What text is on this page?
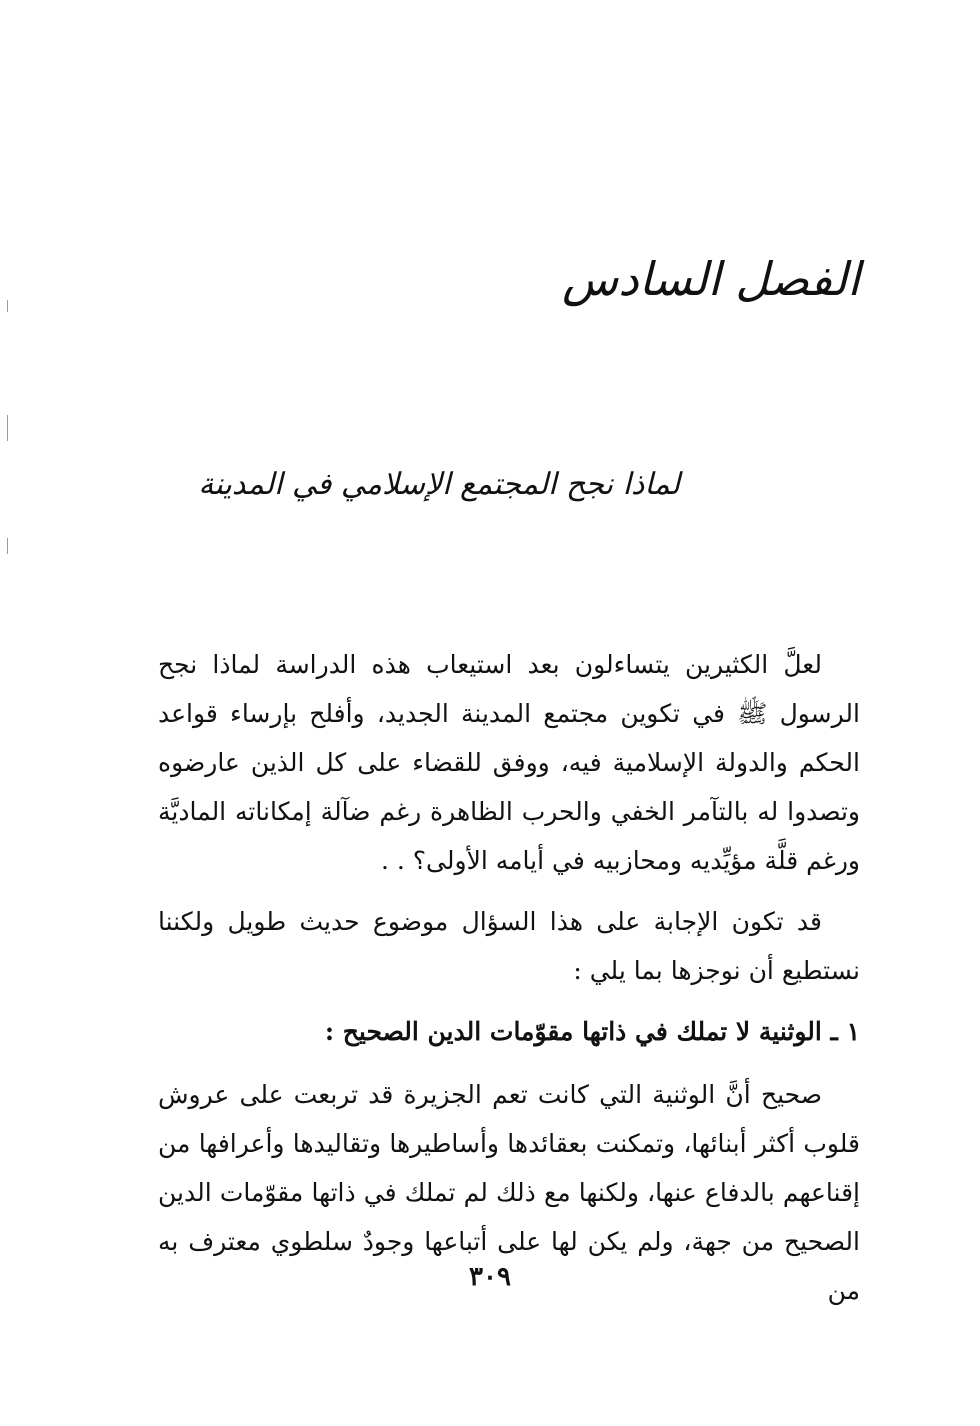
الفصل السادس
لماذا نجح المجتمع الإسلامي في المدينة

لعلَّ الكثيرين يتساءلون بعد استيعاب هذه الدراسة لماذا نجح الرسول ﷺ في تكوين مجتمع المدينة الجديد، وأفلح بإرساء قواعد الحكم والدولة الإسلامية فيه، ووفق للقضاء على كل الذين عارضوه وتصدوا له بالتآمر الخفي والحرب الظاهرة رغم ضآلة إمكاناته الماديَّة ورغم قلَّة مؤيِّديه ومحازبيه في أيامه الأولى؟ . .

قد تكون الإجابة على هذا السؤال موضوع حديث طويل ولكننا نستطيع أن نوجزها بما يلي :

١ ـ الوثنية لا تملك في ذاتها مقوّمات الدين الصحيح :

صحيح أنَّ الوثنية التي كانت تعم الجزيرة قد تربعت على عروش قلوب أكثر أبنائها، وتمكنت بعقائدها وأساطيرها وتقاليدها وأعرافها من إقناعهم بالدفاع عنها، ولكنها مع ذلك لم تملك في ذاتها مقوّمات الدين الصحيح من جهة، ولم يكن لها على أتباعها وجودٌ سلطوي معترف به من

٣٠٩
